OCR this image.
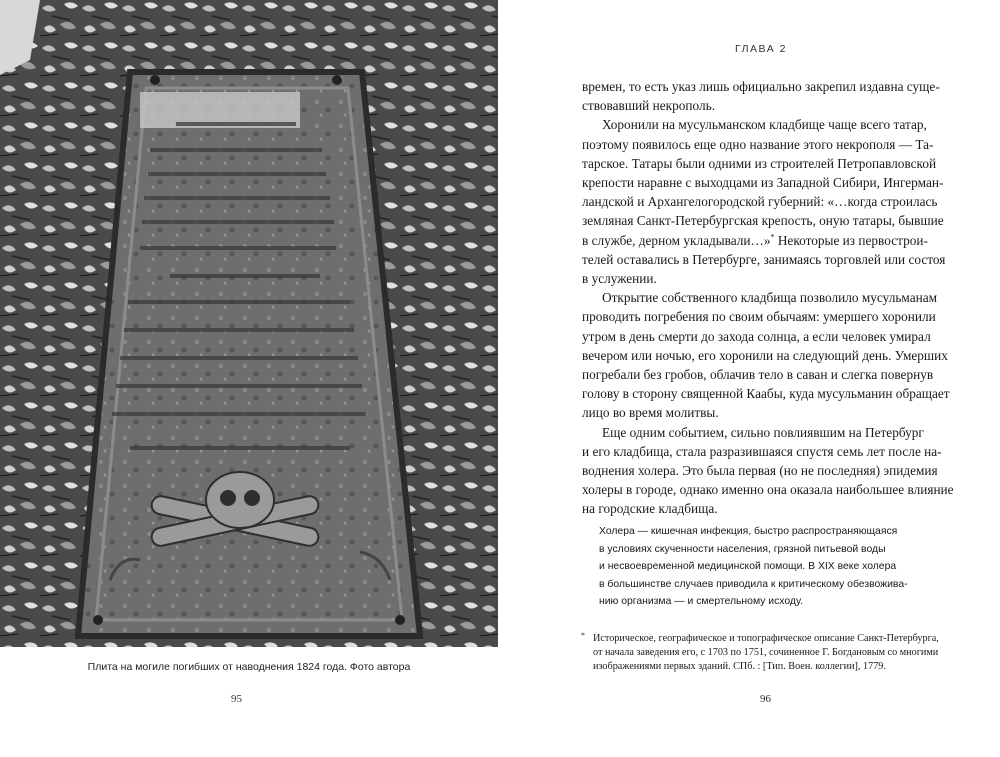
Плита на могиле погибших от наводнения 1824 года. Фото автора
95
ГЛАВА 2
времен, то есть указ лишь официально закрепил издавна суще-
ствовавший некрополь.
Хоронили на мусульманском кладбище чаще всего татар,
поэтому появилось еще одно название этого некрополя — Та-
тарское. Татары были одними из строителей Петропавловской
крепости наравне с выходцами из Западной Сибири, Ингерман-
ландской и Архангелогородской губерний: «…когда строилась
земляная Санкт-Петербургская крепость, оную татары, бывшие
в службе, дерном укладывали…»* Некоторые из первострои-
телей оставались в Петербурге, занимаясь торговлей или состоя
в услужении.
Открытие собственного кладбища позволило мусульманам
проводить погребения по своим обычаям: умершего хоронили
утром в день смерти до захода солнца, а если человек умирал
вечером или ночью, его хоронили на следующий день. Умерших
погребали без гробов, облачив тело в саван и слегка повернув
голову в сторону священной Каабы, куда мусульманин обращает
лицо во время молитвы.
Еще одним событием, сильно повлиявшим на Петербург
и его кладбища, стала разразившаяся спустя семь лет после на-
воднения холера. Это была первая (но не последняя) эпидемия
холеры в городе, однако именно она оказала наибольшее влияние
на городские кладбища.
Холера — кишечная инфекция, быстро распространяющаяся
в условиях скученности населения, грязной питьевой воды
и несвоевременной медицинской помощи. В XIX веке холера
в большинстве случаев приводила к критическому обезвожива-
нию организма — и смертельному исходу.
* Историческое, географическое и топографическое описание Санкт-Петербурга,
от начала заведения его, с 1703 по 1751, сочиненное Г. Богдановым со многими
изображениями первых зданий. СПб. : [Тип. Воен. коллегии], 1779.
96
